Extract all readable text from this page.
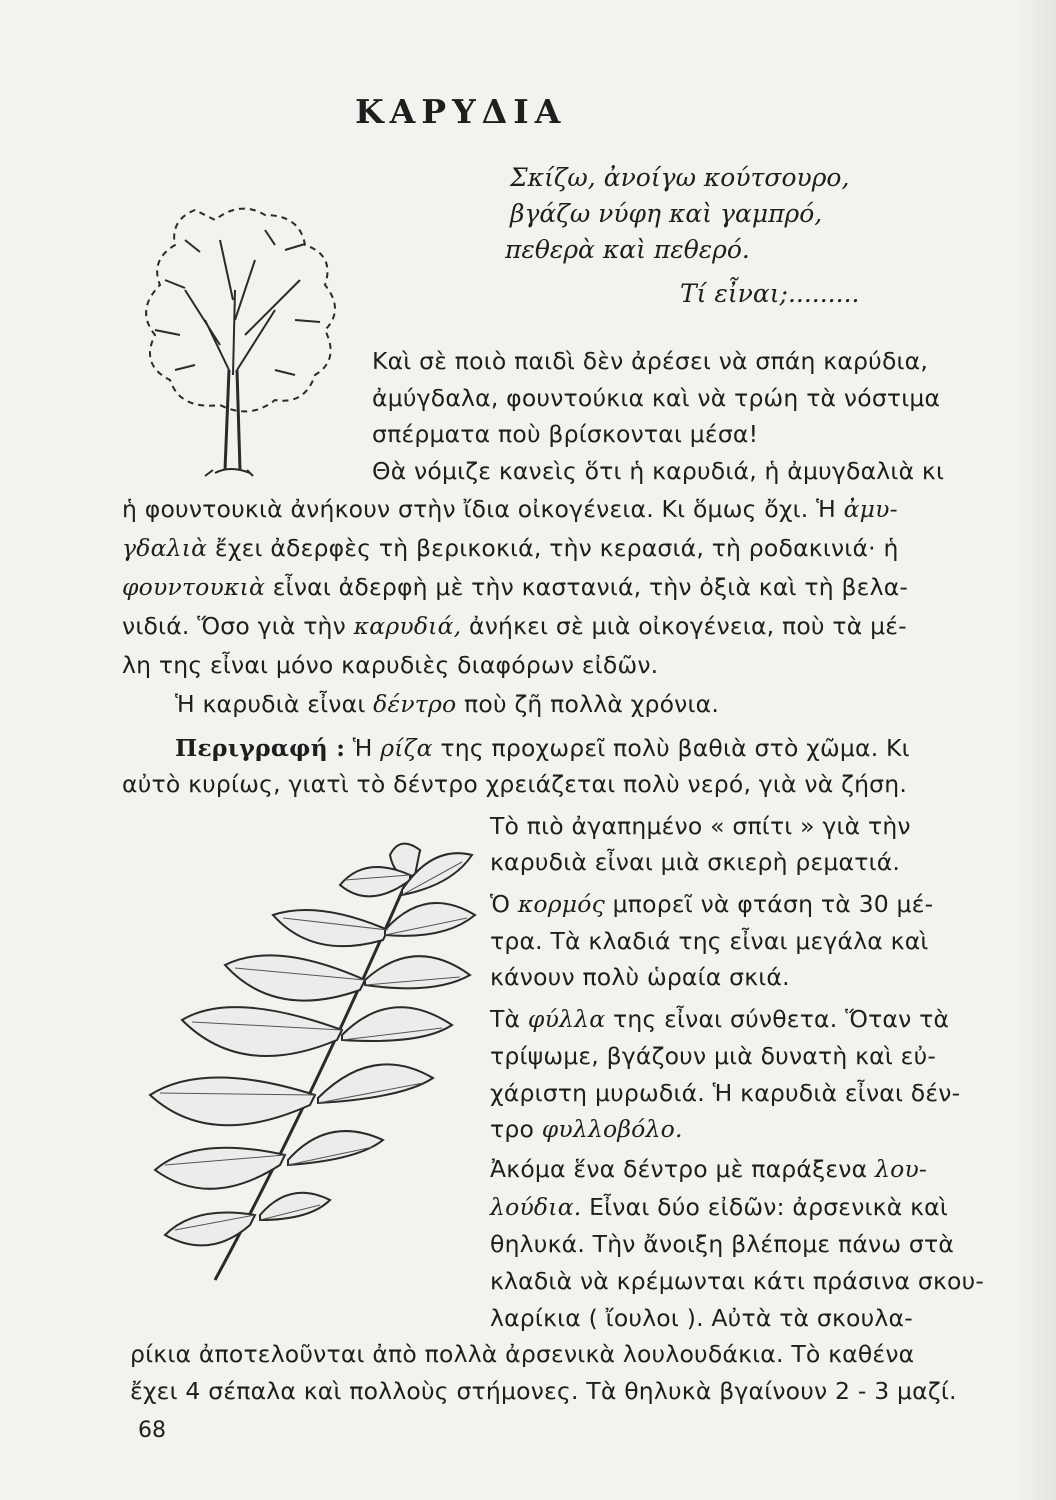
ΚΑΡΥΔΙΑ
Σκίζω, ἀνοίγω κούτσουρο,
βγάζω νύφη καὶ γαμπρό,
πεθερὰ καὶ πεθερό.
Τί εἶναι;.........
Καὶ σὲ ποιὸ παιδὶ δὲν ἀρέσει νὰ σπάη καρύδια,
ἀμύγδαλα, φουντούκια καὶ νὰ τρώη τὰ νόστιμα
σπέρματα ποὺ βρίσκονται μέσα!
Θὰ νόμιζε κανεὶς ὅτι ἡ καρυδιά, ἡ ἀμυγδαλιὰ κι
ἡ φουντουκιὰ ἀνήκουν στὴν ἴδια οἰκογένεια. Κι ὅμως ὄχι. Ἡ ἀμυ-
γδαλιὰ ἔχει ἀδερφὲς τὴ βερικοκιά, τὴν κερασιά, τὴ ροδακινιά· ἡ
φουντουκιὰ εἶναι ἀδερφὴ μὲ τὴν καστανιά, τὴν ὀξιὰ καὶ τὴ βελα-
νιδιά. Ὅσο γιὰ τὴν καρυδιά, ἀνήκει σὲ μιὰ οἰκογένεια, ποὺ τὰ μέ-
λη της εἶναι μόνο καρυδιὲς διαφόρων εἰδῶν.
Ἡ καρυδιὰ εἶναι δέντρο ποὺ ζῆ πολλὰ χρόνια.
Περιγραφή : Ἡ ρίζα της προχωρεῖ πολὺ βαθιὰ στὸ χῶμα. Κι
αὐτὸ κυρίως, γιατὶ τὸ δέντρο χρειάζεται πολὺ νερό, γιὰ νὰ ζήση.
Τὸ πιὸ ἀγαπημένο « σπίτι » γιὰ τὴν
καρυδιὰ εἶναι μιὰ σκιερὴ ρεματιά.
Ὁ κορμός μπορεῖ νὰ φτάση τὰ 30 μέ-
τρα. Τὰ κλαδιά της εἶναι μεγάλα καὶ
κάνουν πολὺ ὡραία σκιά.
Τὰ φύλλα της εἶναι σύνθετα. Ὅταν τὰ
τρίψωμε, βγάζουν μιὰ δυνατὴ καὶ εὐ-
χάριστη μυρωδιά. Ἡ καρυδιὰ εἶναι δέν-
τρο φυλλοβόλο.
Ἀκόμα ἕνα δέντρο μὲ παράξενα λου-
λούδια. Εἶναι δύο εἰδῶν: ἀρσενικὰ καὶ
θηλυκά. Τὴν ἄνοιξη βλέπομε πάνω στὰ
κλαδιὰ νὰ κρέμωνται κάτι πράσινα σκου-
λαρίκια ( ἴουλοι ). Αὐτὰ τὰ σκουλα-
ρίκια ἀποτελοῦνται ἀπὸ πολλὰ ἀρσενικὰ λουλουδάκια. Τὸ καθένα
ἔχει 4 σέπαλα καὶ πολλοὺς στήμονες. Τὰ θηλυκὰ βγαίνουν 2 - 3 μαζί.
68
